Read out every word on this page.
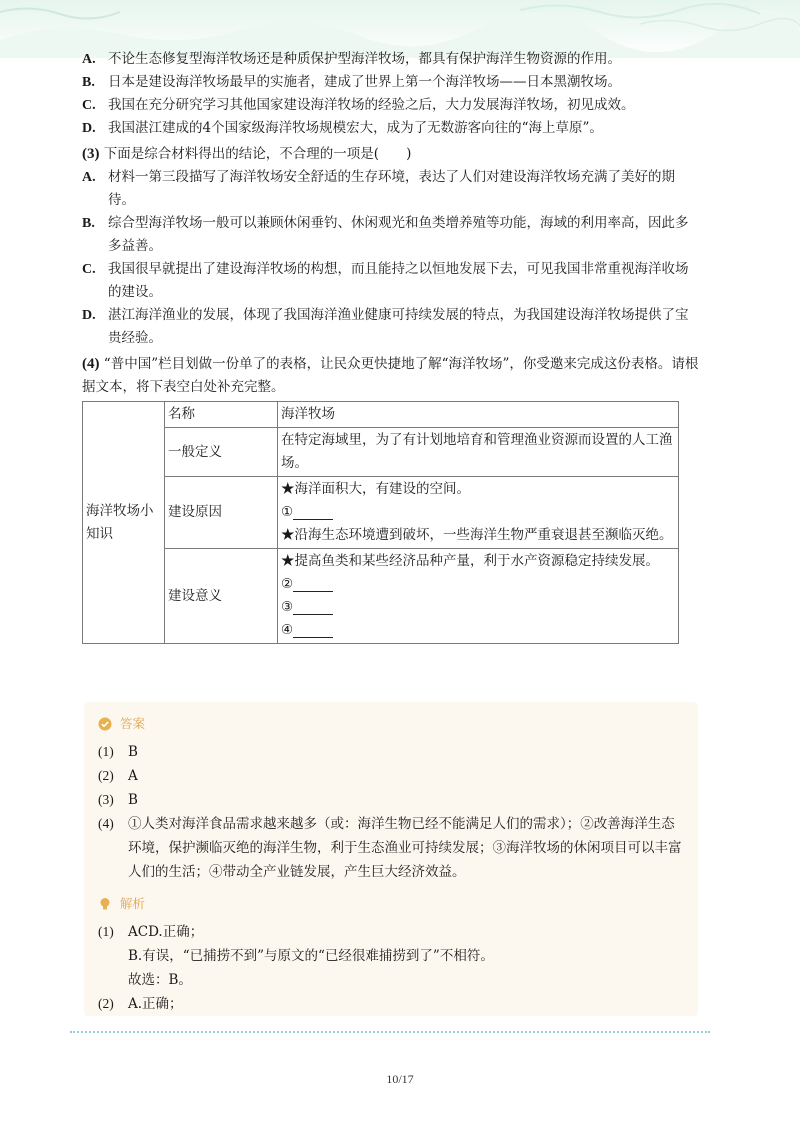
A. 不论生态修复型海洋牧场还是种质保护型海洋牧场，都具有保护海洋生物资源的作用。
B. 日本是建设海洋牧场最早的实施者，建成了世界上第一个海洋牧场——日本黑潮牧场。
C. 我国在充分研究学习其他国家建设海洋牧场的经验之后，大力发展海洋牧场，初见成效。
D. 我国湛江建成的4个国家级海洋牧场规模宏大，成为了无数游客向往的“海上草原”。
(3) 下面是综合材料得出的结论，不合理的一项是(　　)
A. 材料一第三段描写了海洋牧场安全舒适的生存环境，表达了人们对建设海洋牧场充满了美好的期待。
B. 综合型海洋牧场一般可以兼顾休闲垂钓、休闲观光和鱼类增养殖等功能，海域的利用率高，因此多多益善。
C. 我国很早就提出了建设海洋牧场的构想，而且能持之以恒地发展下去，可见我国非常重视海洋收场的建设。
D. 湛江海洋渔业的发展，体现了我国海洋渔业健康可持续发展的特点，为我国建设海洋牧场提供了宝贵经验。
(4) “普中国”栏目划做一份单了的表格，让民众更快捷地了解“海洋牧场”，你受邀来完成这份表格。请根据文本，将下表空白处补充完整。
海洋牧场小知识	名称	海洋牧场
	一般定义	在特定海域里，为了有计划地培育和管理渔业资源而设置的人工渔场。
	建设原因	★海洋面积大，有建设的空间。
①
★沿海生态环境遭到破坏，一些海洋生物严重衰退甚至濒临灭绝。

	建设意义	★提高鱼类和某些经济品种产量，利于水产资源稳定持续发展。
②
③
④
答案
(1)	B
(2)	A
(3)	B
(4)	①人类对海洋食品需求越来越多（或：海洋生物已经不能满足人们的需求）；②改善海洋生态环境，保护濒临灭绝的海洋生物，利于生态渔业可持续发展；③海洋牧场的休闲项目可以丰富人们的生活；④带动全产业链发展，产生巨大经济效益。
解析
(1)	ACD.正确；
B.有误，“已捕捞不到”与原文的“已经很难捕捞到了”不相符。
故选：B。
(2)	A.正确；
10/17
